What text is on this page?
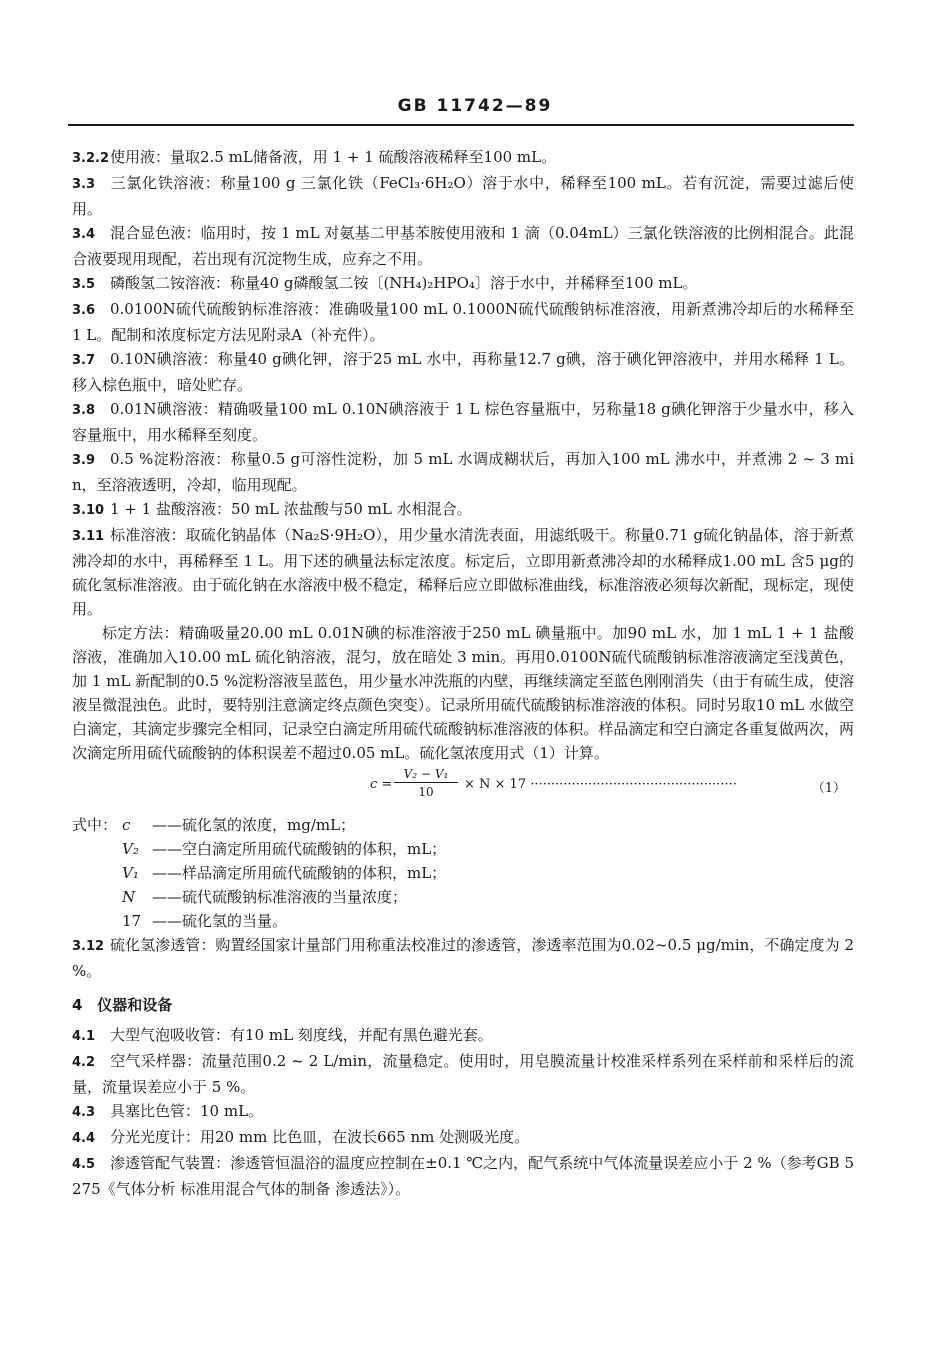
GB 11742—89

3.2.2使用液：量取2.5 mL储备液，用 1 + 1 硫酸溶液稀释至100 mL。

3.3 三氯化铁溶液：称量100 g 三氯化铁（FeCl₃·6H₂O）溶于水中，稀释至100 mL。若有沉淀，需要过滤后使用。

3.4 混合显色液：临用时，按 1 mL 对氨基二甲基苯胺使用液和 1 滴（0.04mL）三氯化铁溶液的比例相混合。此混合液要现用现配，若出现有沉淀物生成，应弃之不用。

3.5 磷酸氢二铵溶液：称量40 g磷酸氢二铵〔(NH₄)₂HPO₄〕溶于水中，并稀释至100 mL。

3.6 0.0100N硫代硫酸钠标准溶液：准确吸量100 mL 0.1000N硫代硫酸钠标准溶液，用新煮沸冷却后的水稀释至 1 L。配制和浓度标定方法见附录A（补充件）。

3.7 0.10N碘溶液：称量40 g碘化钾，溶于25 mL 水中，再称量12.7 g碘，溶于碘化钾溶液中，并用水稀释 1 L。移入棕色瓶中，暗处贮存。

3.8 0.01N碘溶液：精确吸量100 mL 0.10N碘溶液于 1 L 棕色容量瓶中，另称量18 g碘化钾溶于少量水中，移入容量瓶中，用水稀释至刻度。

3.9 0.5 %淀粉溶液：称量0.5 g可溶性淀粉，加 5 mL 水调成糊状后，再加入100 mL 沸水中，并煮沸 2 ~ 3 min，至溶液透明，冷却，临用现配。

3.10 1 + 1 盐酸溶液：50 mL 浓盐酸与50 mL 水相混合。

3.11 标准溶液：取硫化钠晶体（Na₂S·9H₂O），用少量水清洗表面，用滤纸吸干。称量0.71 g硫化钠晶体，溶于新煮沸冷却的水中，再稀释至 1 L。用下述的碘量法标定浓度。标定后，立即用新煮沸冷却的水稀释成1.00 mL 含5 μg的硫化氢标准溶液。由于硫化钠在水溶液中极不稳定，稀释后应立即做标准曲线，标准溶液必须每次新配，现标定，现使用。

标定方法：精确吸量20.00 mL 0.01N碘的标准溶液于250 mL 碘量瓶中。加90 mL 水，加 1 mL 1 + 1 盐酸溶液，准确加入10.00 mL 硫化钠溶液，混匀，放在暗处 3 min。再用0.0100N硫代硫酸钠标准溶液滴定至浅黄色，加 1 mL 新配制的0.5 %淀粉溶液呈蓝色，用少量水冲洗瓶的内壁，再继续滴定至蓝色刚刚消失（由于有硫生成，使溶液呈微混浊色。此时，要特别注意滴定终点颜色突变）。记录所用硫代硫酸钠标准溶液的体积。同时另取10 mL 水做空白滴定，其滴定步骤完全相同，记录空白滴定所用硫代硫酸钠标准溶液的体积。样品滴定和空白滴定各重复做两次，两次滴定所用硫代硫酸钠的体积误差不超过0.05 mL。硫化氢浓度用式（1）计算。

$c = \frac{\text{V₂ − V₁}}{10} \times N \times 17$ ··················································	（1）
式中： c ——硫化氢的浓度，mg/mL；
V₂ ——空白滴定所用硫代硫酸钠的体积，mL；
V₁ ——样品滴定所用硫代硫酸钠的体积，mL；
N ——硫代硫酸钠标准溶液的当量浓度；
17 ——硫化氢的当量。

3.12 硫化氢渗透管：购置经国家计量部门用称重法校准过的渗透管，渗透率范围为0.02~0.5 μg/min，不确定度为 2 %。

4 仪器和设备

4.1 大型气泡吸收管：有10 mL 刻度线，并配有黑色避光套。

4.2 空气采样器：流量范围0.2 ~ 2 L/min，流量稳定。使用时，用皂膜流量计校准采样系列在采样前和采样后的流量，流量误差应小于 5 %。

4.3 具塞比色管：10 mL。

4.4 分光光度计：用20 mm 比色皿，在波长665 nm 处测吸光度。

4.5 渗透管配气装置：渗透管恒温浴的温度应控制在±0.1 ℃之内，配气系统中气体流量误差应小于 2 %（参考GB 5275《气体分析 标准用混合气体的制备 渗透法》）。
